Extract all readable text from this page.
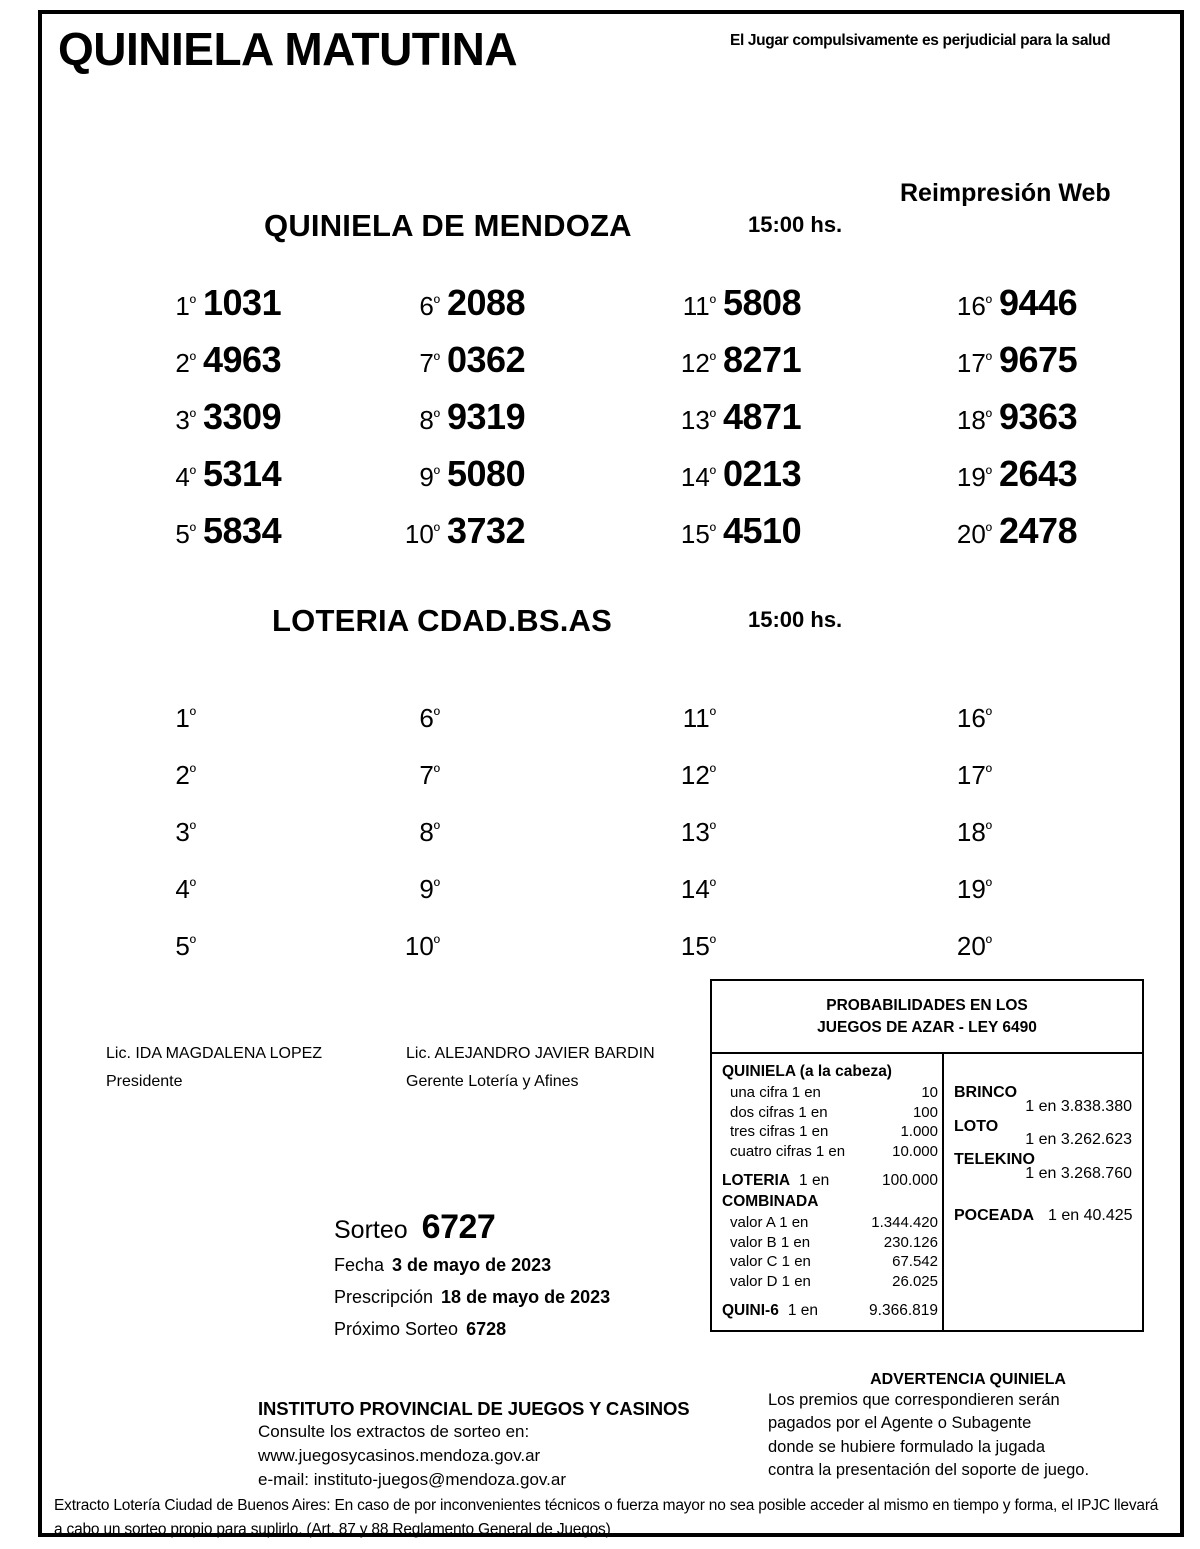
QUINIELA MATUTINA	El Jugar compulsivamente es perjudicial para la salud
Reimpresión Web
QUINIELA DE MENDOZA	15:00 hs.
1º 1031
2º 4963
3º 3309
4º 5314
5º 5834
6º 2088
7º 0362
8º 9319
9º 5080
10º 3732
11º 5808
12º 8271
13º 4871
14º 0213
15º 4510
16º 9446
17º 9675
18º 9363
19º 2643
20º 2478
LOTERIA CDAD.BS.AS	15:00 hs.
1º
2º
3º
4º
5º
6º
7º
8º
9º
10º
11º
12º
13º
14º
15º
16º
17º
18º
19º
20º
Lic. IDA MAGDALENA LOPEZ
Presidente
Lic. ALEJANDRO JAVIER BARDIN
Gerente Lotería y Afines
Sorteo 6727
Fecha 3 de mayo de 2023
Prescripción 18 de mayo de 2023
Próximo Sorteo 6728
PROBABILIDADES EN LOS
JUEGOS DE AZAR - LEY 6490
QUINIELA (a la cabeza)
una cifra 1 en	10
dos cifras 1 en	100
tres cifras 1 en	1.000
cuatro cifras 1 en	10.000
LOTERIA 1 en	100.000
COMBINADA
valor A 1 en	1.344.420
valor B 1 en	230.126
valor C 1 en	67.542
valor D 1 en	26.025
QUINI-6 1 en	9.366.819
BRINCO
1 en 3.838.380
LOTO
1 en 3.262.623
TELEKINO
1 en 3.268.760
POCEADA 1 en 40.425
ADVERTENCIA QUINIELA
Los premios que correspondieren serán
pagados por el Agente o Subagente
donde se hubiere formulado la jugada
contra la presentación del soporte de juego.
INSTITUTO PROVINCIAL DE JUEGOS Y CASINOS
Consulte los extractos de sorteo en:
www.juegosycasinos.mendoza.gov.ar
e-mail: instituto-juegos@mendoza.gov.ar
Extracto Lotería Ciudad de Buenos Aires: En caso de por inconvenientes técnicos o fuerza mayor no sea posible acceder al mismo en tiempo y forma, el IPJC llevará a cabo un sorteo propio para suplirlo. (Art. 87 y 88 Reglamento General de Juegos)
